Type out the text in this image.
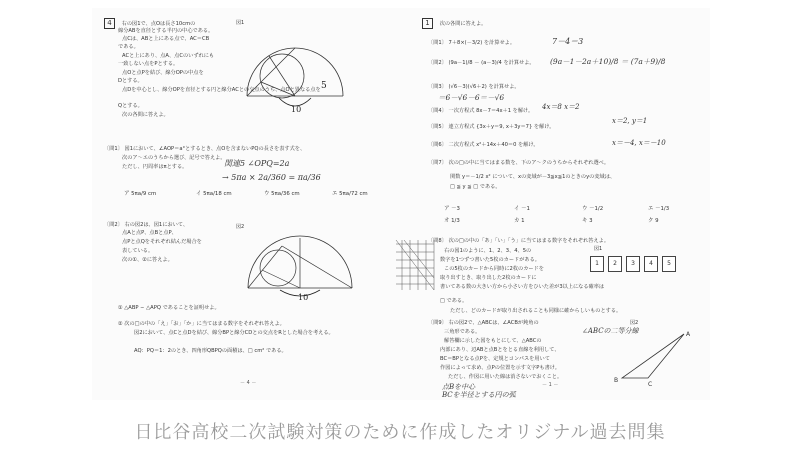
4 右の図1で、点Oは長さ10cmの
線分ABを直径とする半円の中心である。
点Cは、ABと上にある点で、AC＝CB
である。
ACと上にあり、点A、点Cのいずれにも
一致しない点をPとする。
点Oと点Pを結び、線分OPの中点を
Dとする。
点Dを中心とし、線分OPを直径とする円と線分ACとの交点のうち、点Oと異なる点を
Qとする。
次の各問に答えよ。
図1
10
5
〔問1〕 図1において、∠AOP＝a°とするとき、点Oを含まないPQの長さを表す式を、
次のア〜エのうちから選び、記号で答えよ。
ただし、円周率はπとする。	関連5 ∠OPQ=2a
→ 5πa × 2a/360 = πa/36
ア 5πa/9 cm	イ 5πa/18 cm	ウ 5πa/36 cm	エ 5πa/72 cm
〔問2〕 右の図2は、図1において、
点Aと点P、点Bと点P、
点Pと点Qをそれぞれ結んだ場合を
表している。
次の①、②に答えよ。
図2
10
① △ABP ∽ △APQ であることを証明せよ。
② 次の□の中の「え」「お」「か」に当てはまる数字をそれぞれ答えよ。
図2において、点Cと点Dを結び、線分BPと線分CDとの交点をRとした場合を考える。
AQ：PQ＝1：2のとき、四角形QBPQの面積は、□ cm² である。
－ 4 －
1 次の各問に答えよ。
〔問1〕 7＋8×(－3/2) を計算せよ。	7－4＝3
〔問2〕 (9a－1)/8 － (a－3)/4 を計算せよ。 (9a－1－2a＋10)/8 ＝ (7a＋9)/8
〔問3〕 (√6－3)(√6＋2) を計算せよ。
＝6－√6－6＝－√6
〔問4〕 一次方程式 8x－7＝4x＋1 を解け。 4x＝8 x＝2
〔問5〕 連立方程式 {3x＋y＝9, x＋3y＝7} を解け。
x＝2, y＝1
〔問6〕 二次方程式 x²＋14x＋40＝0 を解け。	x＝－4, x＝－10
〔問7〕 次の□の中に当てはまる数を、下のア〜クのうちからそれぞれ選べ。
関数 y＝－1/2 x² について、xの変域が－3≦x≦1のときのyの変域は、
□ ≦ y ≦ □ である。
ア －3	イ －1	ウ －1/2	エ －1/3
オ 1/3	カ 1	キ 3	ク 9
〔問8〕 次の□の中の「あ」「い」「う」に当てはまる数字をそれぞれ答えよ。
右の図1のように、1、2、3、4、5の
数字を1つずつ書いた5枚のカードがある。
この5枚のカードから同時に2枚のカードを
取り出すとき、取り出した2枚のカードに
書いてある数の大きい方から小さい方をひいた差が3以上になる確率は
□ である。
ただし、どのカードが取り出されることも同様に確からしいものとする。
図1
1	2	3	4	5
〔問9〕 右の図2で、△ABCは、∠ACBが鈍角の
三角形である。
解答欄に示した図をもとにして、△ABCの
内部にあり、辺ABと点Bとをとる直線を利用して、
BC＝BPとなる点Pを、定規とコンパスを用いて
作図によって求め、点Pの位置を示す文字Pも書け。
ただし、作図に用いた線は消さないでおくこと。
図2
∠ABCの二等分線
点Bを中心
BCを半径とする円の弧
A
B
C
－ 1 －
日比谷高校二次試験対策のために作成したオリジナル過去問集
